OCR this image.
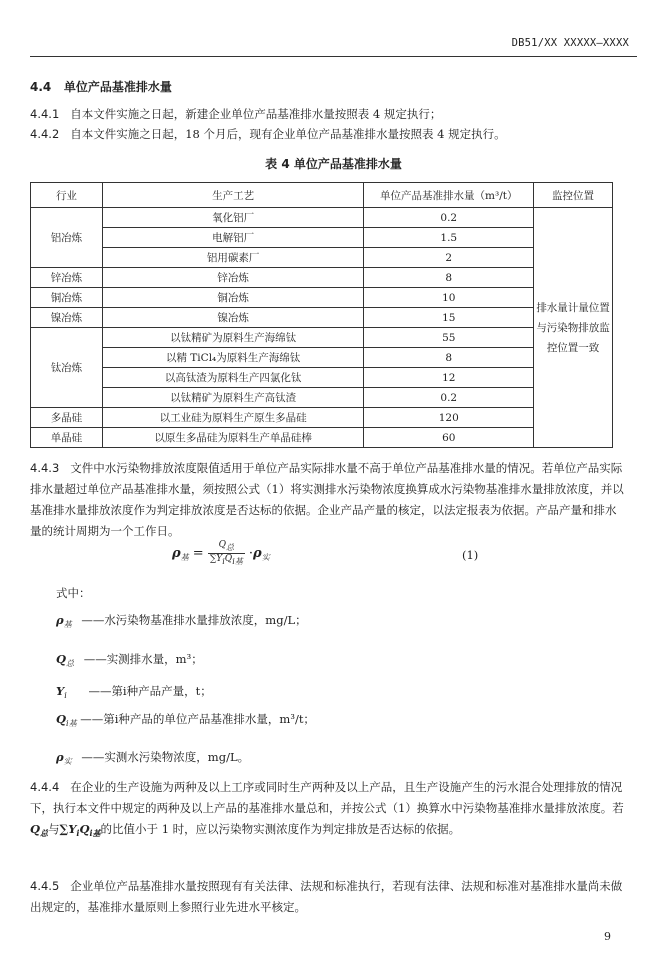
DB51/XX XXXXX—XXXX
4.4 单位产品基准排水量
4.4.1 自本文件实施之日起，新建企业单位产品基准排水量按照表 4 规定执行；
4.4.2 自本文件实施之日起，18 个月后，现有企业单位产品基准排水量按照表 4 规定执行。
表 4 单位产品基准排水量
行业	生产工艺	单位产品基准排水量（m³/t）	监控位置
铝冶炼	氧化铝厂	0.2	排水量计量位置与污染物排放监控位置一致
	电解铝厂	1.5	
	铝用碳素厂	2	
锌冶炼	锌冶炼	8	
铜冶炼	铜冶炼	10	
镍冶炼	镍冶炼	15	
钛冶炼	以钛精矿为原料生产海绵钛	55	
	以精 TiCl₄为原料生产海绵钛	8	
	以高钛渣为原料生产四氯化钛	12	
	以钛精矿为原料生产高钛渣	0.2	
多晶硅	以工业硅为原料生产原生多晶硅	120	
单晶硅	以原生多晶硅为原料生产单晶硅棒	60	
4.4.3 文件中水污染物排放浓度限值适用于单位产品实际排水量不高于单位产品基准排水量的情况。若单位产品实际排水量超过单位产品基准排水量，须按照公式（1）将实测排水污染物浓度换算成水污染物基准排水量排放浓度，并以基准排水量排放浓度作为判定排放浓度是否达标的依据。企业产品产量的核定，以法定报表为依据。产品产量和排水量的统计周期为一个工作日。
$\rho_基 = \frac{\text{Q总}}{\text{∑YiQi基}} \cdot\rho_实$	(1)
式中：
$\rho_基$ ——水污染物基准排水量排放浓度，mg/L；
$Q_总$ ——实测排水量，m³；
$Y_i$ ——第i种产品产量，t；
$Q_{i基}$ ——第i种产品的单位产品基准排水量，m³/t；
$\rho_实$ ——实测水污染物浓度，mg/L。
4.4.4 在企业的生产设施为两种及以上工序或同时生产两种及以上产品，且生产设施产生的污水混合处理排放的情况下，执行本文件中规定的两种及以上产品的基准排水量总和，并按公式（1）换算水中污染物基准排水量排放浓度。若$Q_总$与$\sum Y_iQ_{i基}$的比值小于 1 时，应以污染物实测浓度作为判定排放是否达标的依据。
4.4.5 企业单位产品基准排水量按照现有有关法律、法规和标准执行，若现有法律、法规和标准对基准排水量尚未做出规定的，基准排水量原则上参照行业先进水平核定。
9
